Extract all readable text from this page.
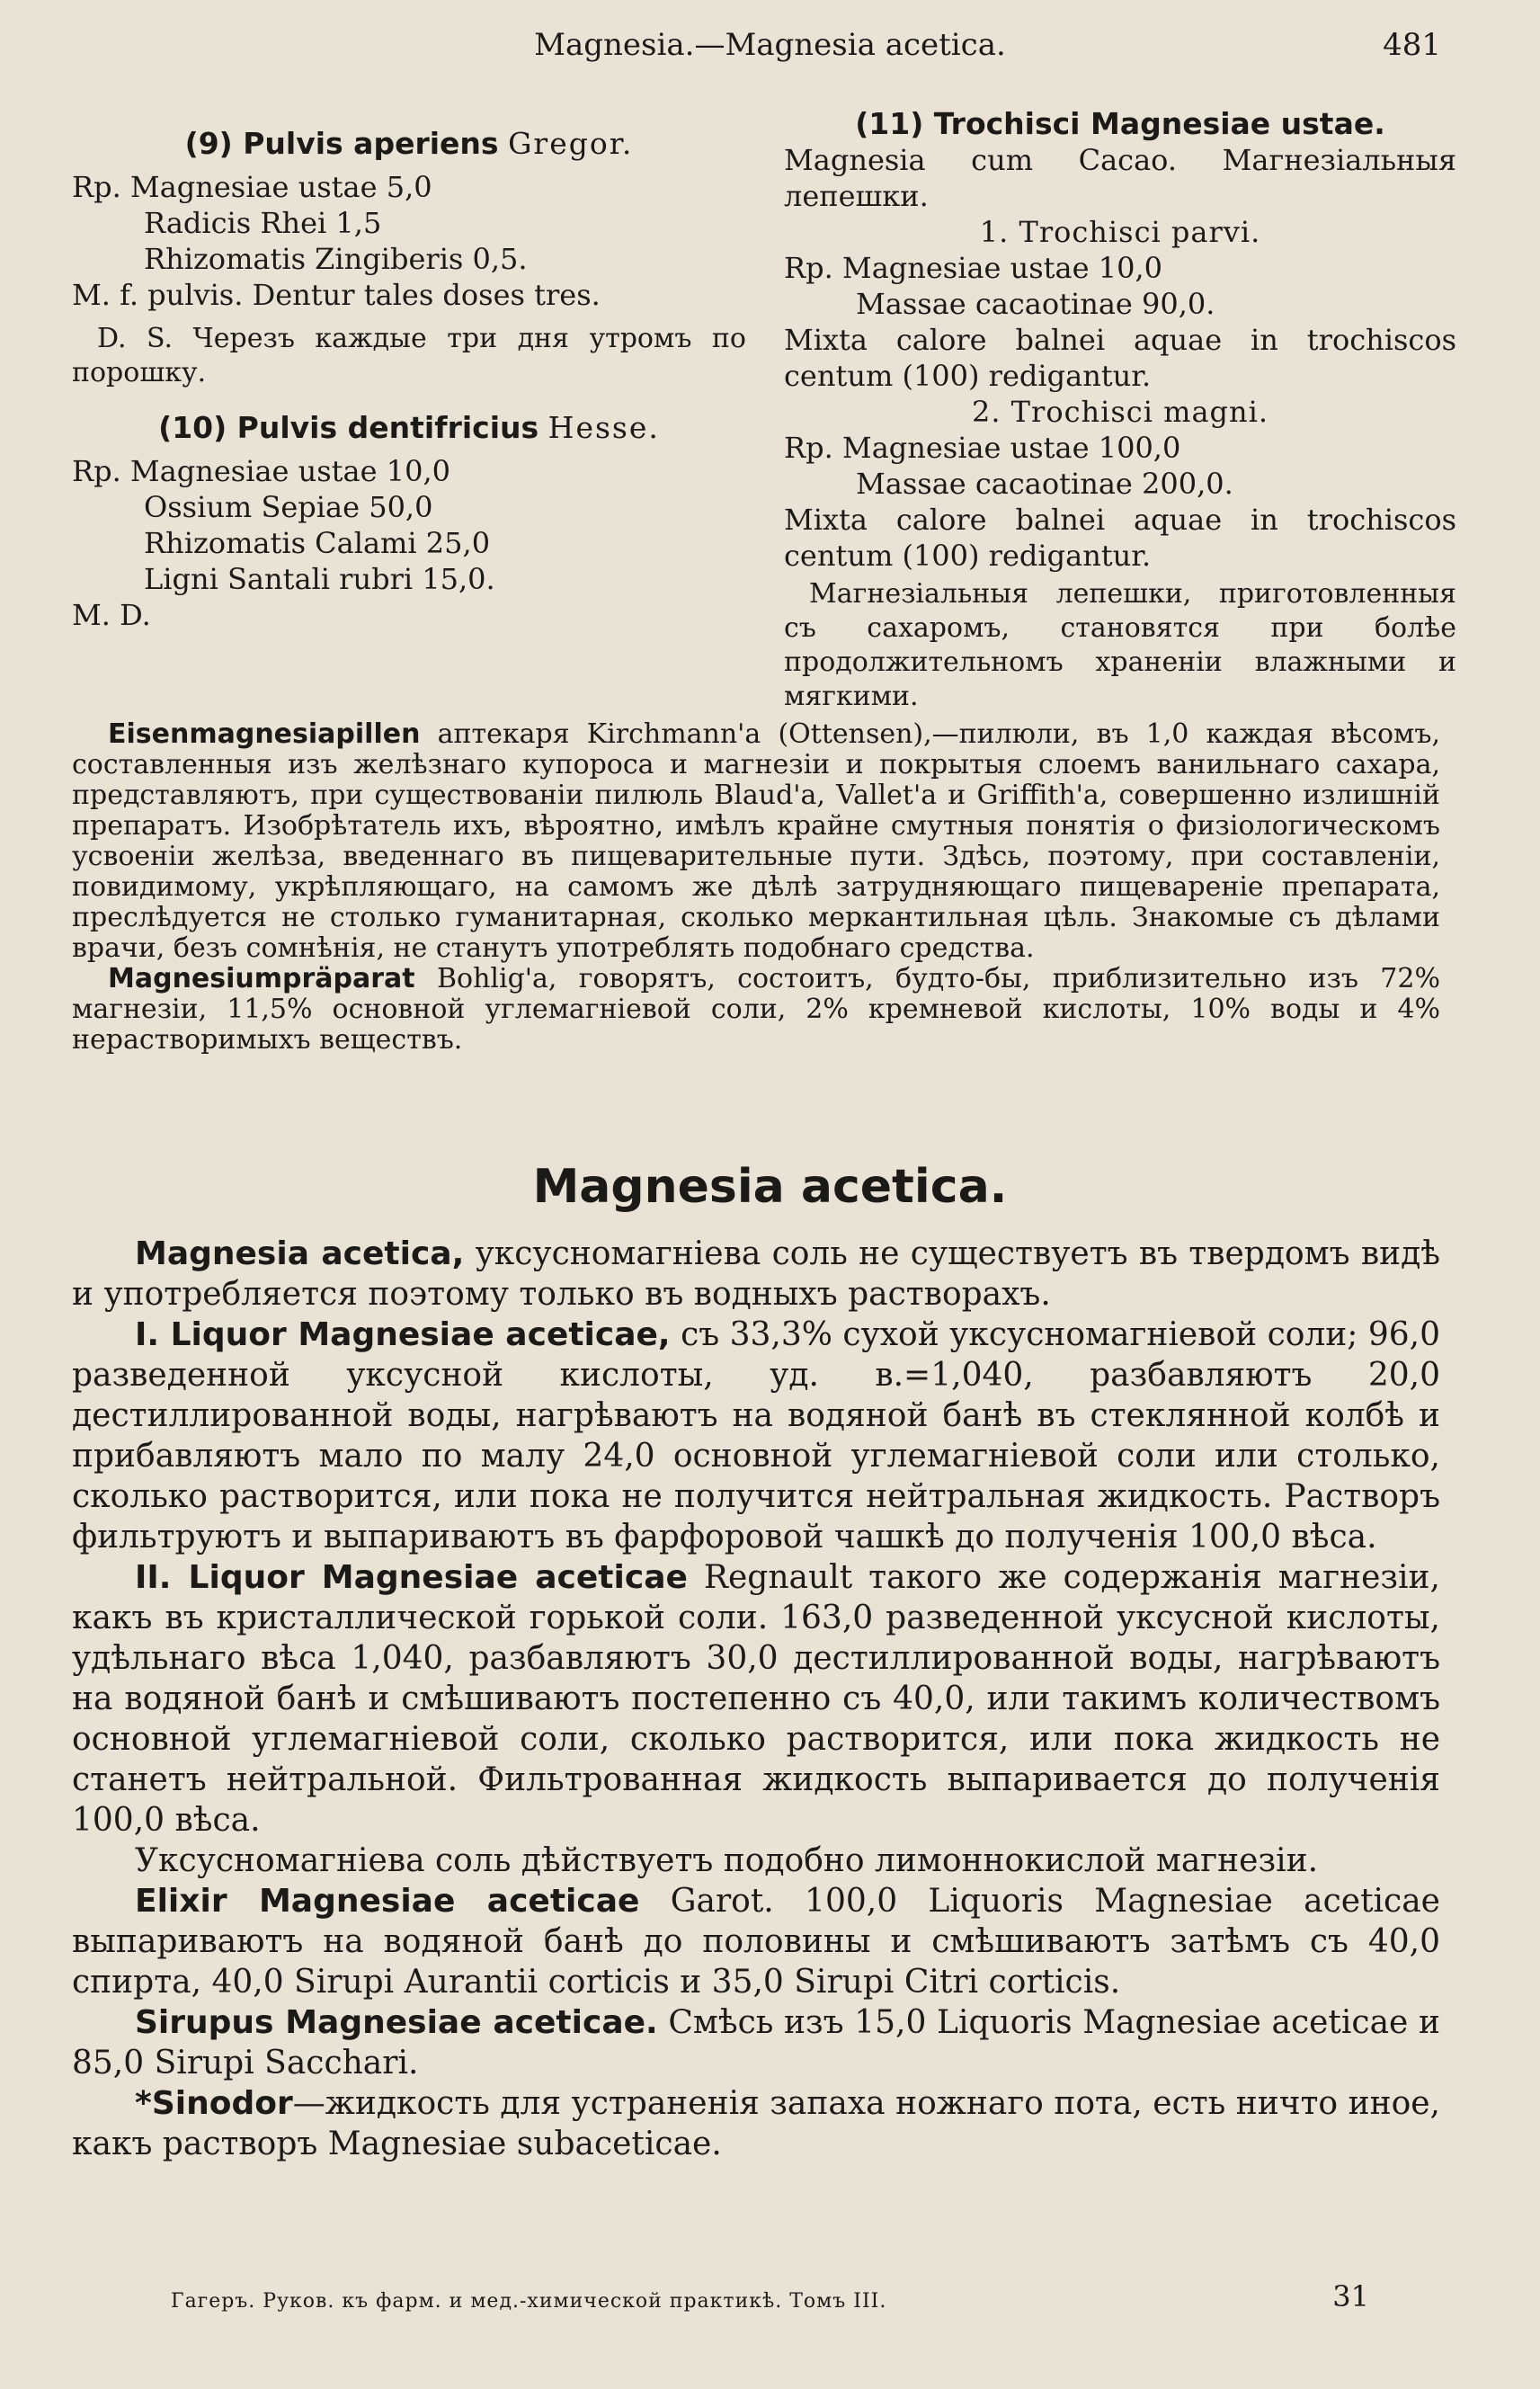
Magnesia.—Magnesia acetica.	481

(9) Pulvis aperiens Gregor.

Rp. Magnesiae ustae 5,0

Radicis Rhei 1,5

Rhizomatis Zingiberis 0,5.

M. f. pulvis. Dentur tales doses tres.

D. S. Черезъ каждые три дня утромъ по порошку.

(10) Pulvis dentifricius Hesse.

Rp. Magnesiae ustae 10,0

Ossium Sepiae 50,0

Rhizomatis Calami 25,0

Ligni Santali rubri 15,0.

M. D.

(11) Trochisci Magnesiae ustae.

Magnesia cum Cacao. Магнезіальныя лепешки.

1. Trochisci parvi.

Rp. Magnesiae ustae 10,0

Massae cacaotinae 90,0.

Mixta calore balnei aquae in trochiscos centum (100) redigantur.

2. Trochisci magni.

Rp. Magnesiae ustae 100,0

Massae cacaotinae 200,0.

Mixta calore balnei aquae in trochiscos centum (100) redigantur.

Магнезіальныя лепешки, приготовленныя съ сахаромъ, становятся при болѣе продолжительномъ храненіи влажными и мягкими.

Eisenmagnesiapillen аптекаря Kirchmann'a (Ottensen),—пилюли, въ 1,0 каждая вѣсомъ, составленныя изъ желѣзнаго купороса и магнезіи и покрытыя слоемъ ванильнаго сахара, представляютъ, при существованіи пилюль Blaud'a, Vallet'a и Griffith'a, совершенно излишній препаратъ. Изобрѣтатель ихъ, вѣроятно, имѣлъ крайне смутныя понятія о физіологическомъ усвоеніи желѣза, введеннаго въ пищеварительные пути. Здѣсь, поэтому, при составленіи, повидимому, укрѣпляющаго, на самомъ же дѣлѣ затрудняющаго пищевареніе препарата, преслѣдуется не столько гуманитарная, сколько меркантильная цѣль. Знакомые съ дѣлами врачи, безъ сомнѣнія, не станутъ употреблять подобнаго средства.

Magnesiumpräparat Bohlig'a, говорятъ, состоитъ, будто-бы, приблизительно изъ 72% магнезіи, 11,5% основной углемагніевой соли, 2% кремневой кислоты, 10% воды и 4% нерастворимыхъ веществъ.

Magnesia acetica.

Magnesia acetica, уксусномагніева соль не существуетъ въ твердомъ видѣ и употребляется поэтому только въ водныхъ растворахъ.

I. Liquor Magnesiae aceticae, съ 33,3% сухой уксусномагніевой соли; 96,0 разведенной уксусной кислоты, уд. в.=1,040, разбавляютъ 20,0 дестиллированной воды, нагрѣваютъ на водяной банѣ въ стеклянной колбѣ и прибавляютъ мало по малу 24,0 основной углемагніевой соли или столько, сколько растворится, или пока не получится нейтральная жидкость. Растворъ фильтруютъ и выпариваютъ въ фарфоровой чашкѣ до полученія 100,0 вѣса.

II. Liquor Magnesiae aceticae Regnault такого же содержанія магнезіи, какъ въ кристаллической горькой соли. 163,0 разведенной уксусной кислоты, удѣльнаго вѣса 1,040, разбавляютъ 30,0 дестиллированной воды, нагрѣваютъ на водяной банѣ и смѣшиваютъ постепенно съ 40,0, или такимъ количествомъ основной углемагніевой соли, сколько растворится, или пока жидкость не станетъ нейтральной. Фильтрованная жидкость выпаривается до полученія 100,0 вѣса.

Уксусномагніева соль дѣйствуетъ подобно лимоннокислой магнезіи.

Elixir Magnesiae aceticae Garot. 100,0 Liquoris Magnesiae aceticae выпариваютъ на водяной банѣ до половины и смѣшиваютъ затѣмъ съ 40,0 спирта, 40,0 Sirupi Aurantii corticis и 35,0 Sirupi Citri corticis.

Sirupus Magnesiae aceticae. Смѣсь изъ 15,0 Liquoris Magnesiae aceticae и 85,0 Sirupi Sacchari.

*Sinodor—жидкость для устраненія запаха ножнаго пота, есть ничто иное, какъ растворъ Magnesiae subaceticae.

Гагеръ. Руков. къ фарм. и мед.-химической практикѣ. Томъ III.	31
